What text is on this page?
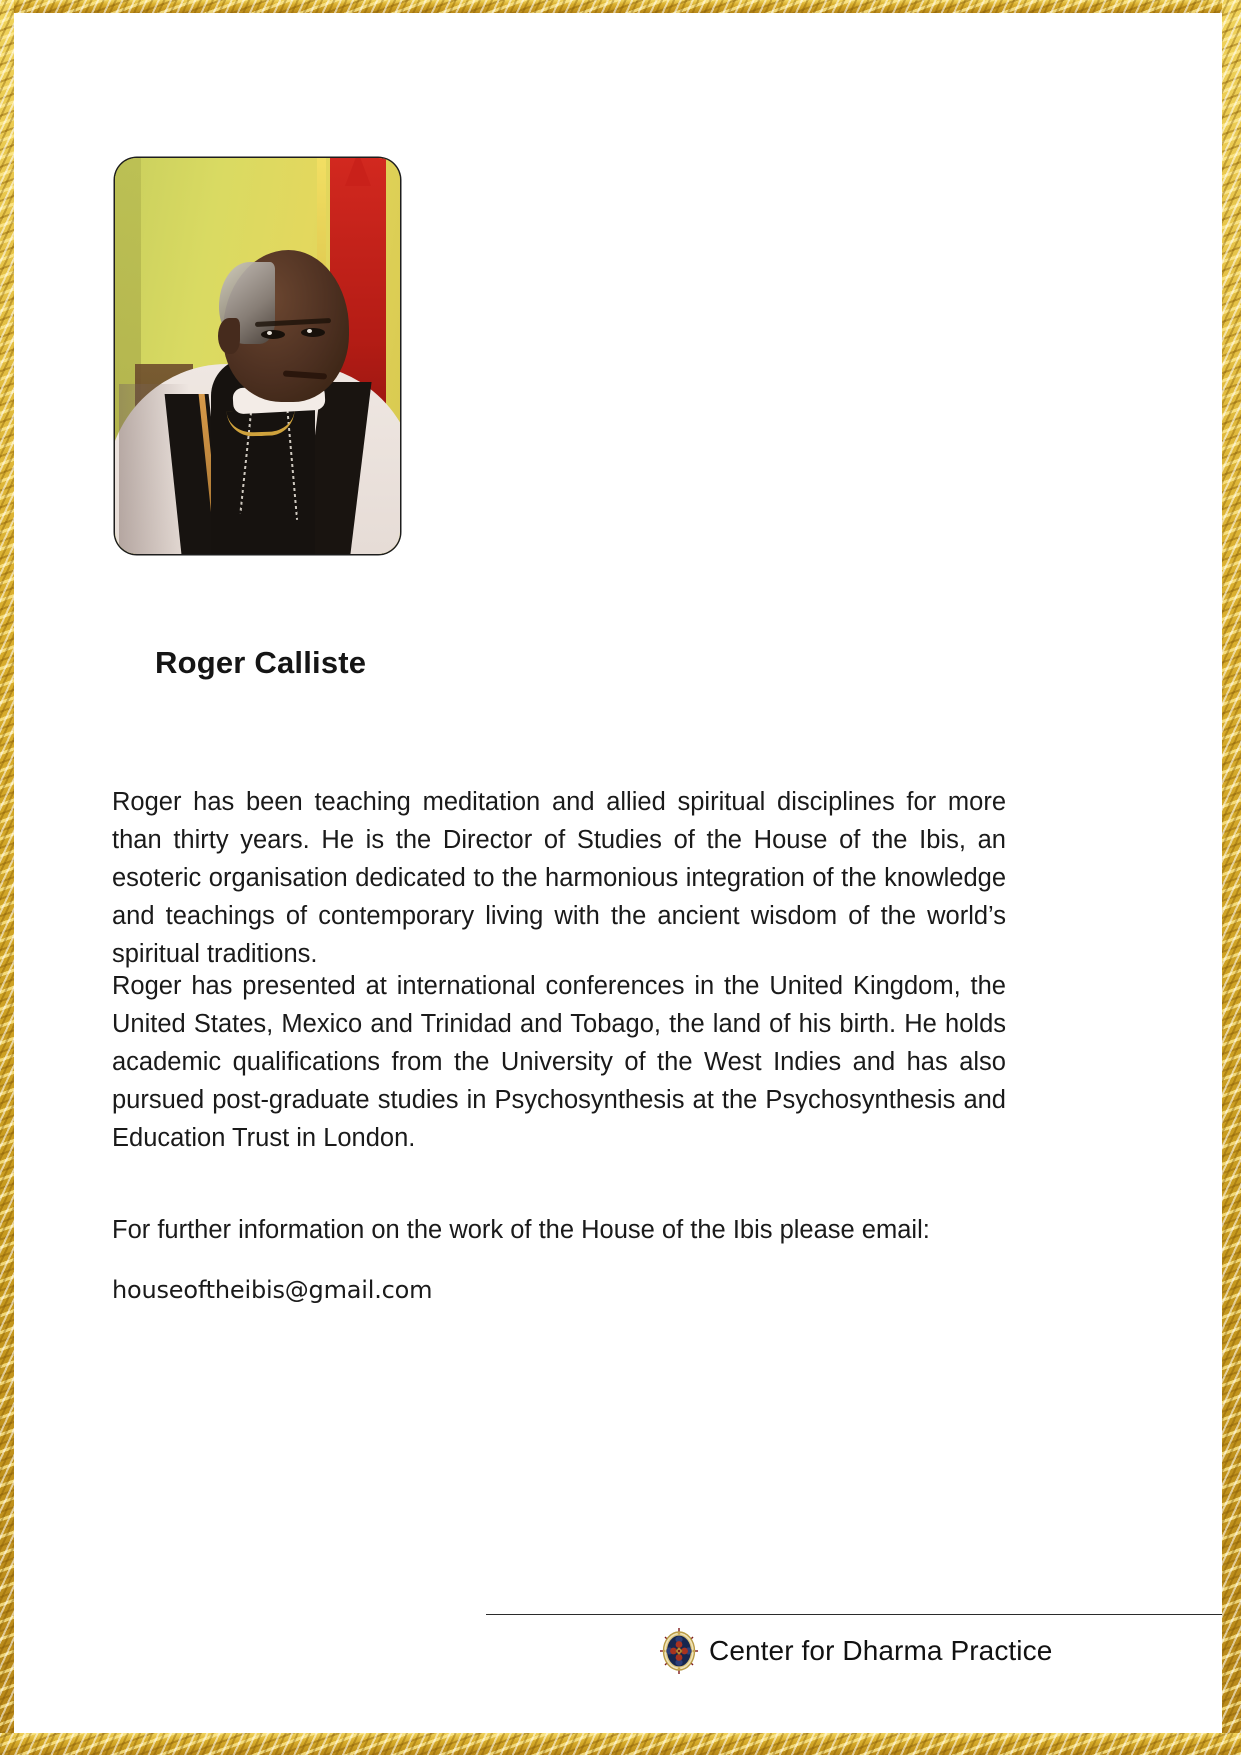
Roger Calliste

Roger has been teaching meditation and allied spiritual disciplines for more than thirty years. He is the Director of Studies of the House of the Ibis, an esoteric organisation dedicated to the harmonious integration of the knowledge and teachings of contemporary living with the ancient wisdom of the world’s spiritual traditions.

Roger has presented at international conferences in the United Kingdom, the United States, Mexico and Trinidad and Tobago, the land of his birth. He holds academic qualifications from the University of the West Indies and has also pursued post-graduate studies in Psychosynthesis at the Psychosynthesis and Education Trust in London.

For further information on the work of the House of the Ibis please email:

houseoftheibis@gmail.com

Center for Dharma Practice
